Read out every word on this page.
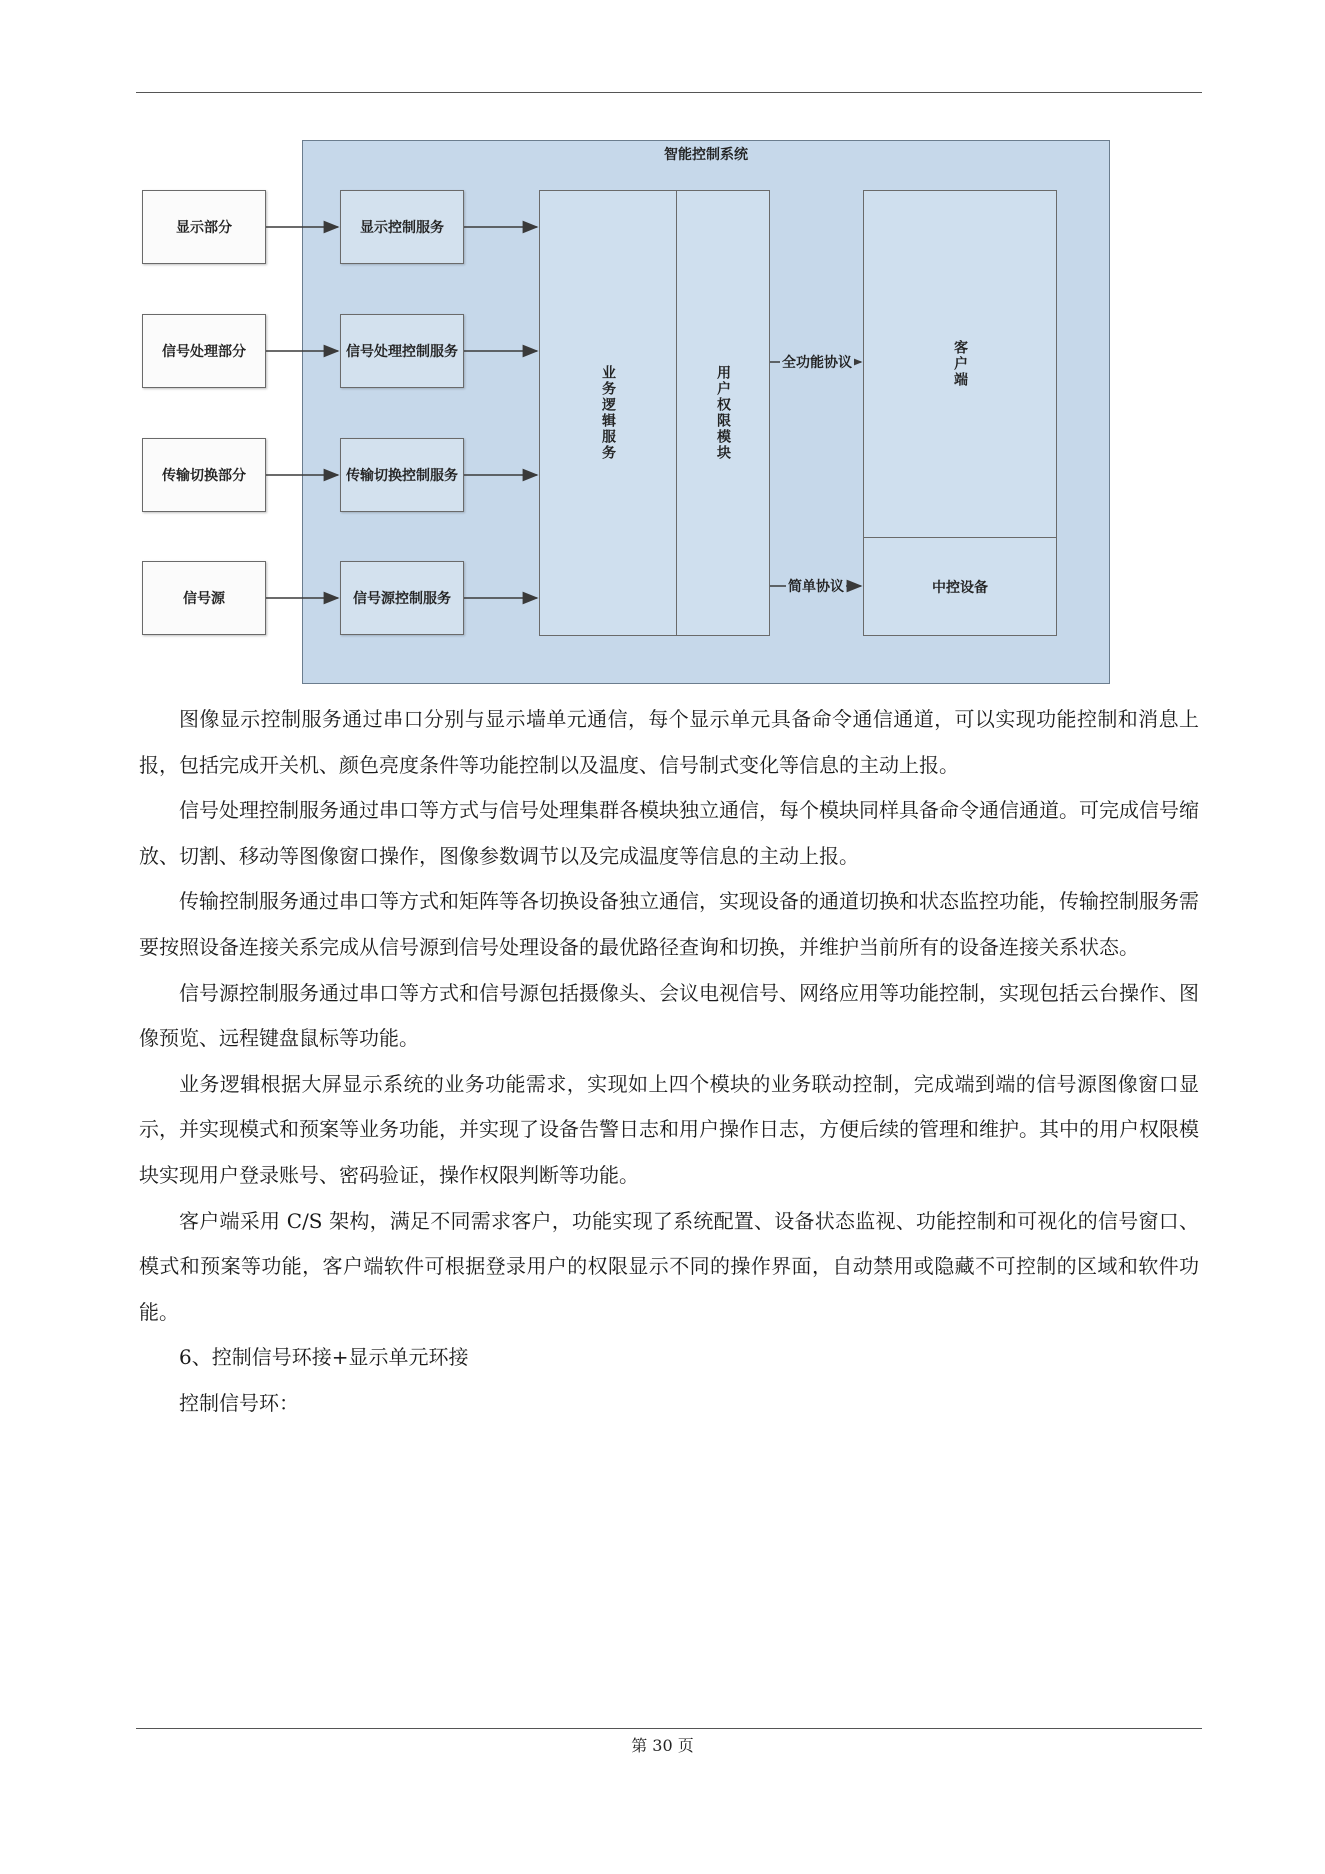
智能控制系统
显示部分
信号处理部分
传输切换部分
信号源
显示控制服务
信号处理控制服务
传输切换控制服务
信号源控制服务
业务逻辑服务	用户权限模块
客户端
中控设备
全功能协议
简单协议

图像显示控制服务通过串口分别与显示墙单元通信，每个显示单元具备命令通信通道，可以实现功能控制和消息上报，包括完成开关机、颜色亮度条件等功能控制以及温度、信号制式变化等信息的主动上报。

信号处理控制服务通过串口等方式与信号处理集群各模块独立通信，每个模块同样具备命令通信通道。可完成信号缩放、切割、移动等图像窗口操作，图像参数调节以及完成温度等信息的主动上报。

传输控制服务通过串口等方式和矩阵等各切换设备独立通信，实现设备的通道切换和状态监控功能，传输控制服务需要按照设备连接关系完成从信号源到信号处理设备的最优路径查询和切换，并维护当前所有的设备连接关系状态。

信号源控制服务通过串口等方式和信号源包括摄像头、会议电视信号、网络应用等功能控制，实现包括云台操作、图像预览、远程键盘鼠标等功能。

业务逻辑根据大屏显示系统的业务功能需求，实现如上四个模块的业务联动控制，完成端到端的信号源图像窗口显示，并实现模式和预案等业务功能，并实现了设备告警日志和用户操作日志，方便后续的管理和维护。其中的用户权限模块实现用户登录账号、密码验证，操作权限判断等功能。

客户端采用 C/S 架构，满足不同需求客户，功能实现了系统配置、设备状态监视、功能控制和可视化的信号窗口、模式和预案等功能，客户端软件可根据登录用户的权限显示不同的操作界面，自动禁用或隐藏不可控制的区域和软件功能。

6、控制信号环接+显示单元环接

控制信号环：

第 30 页
